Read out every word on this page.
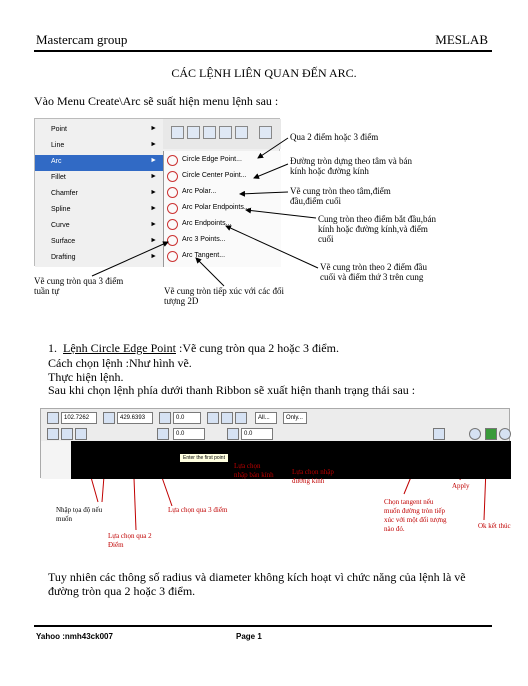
Mastercam group	MESLAB
CÁC LỆNH LIÊN QUAN ĐẾN ARC.
Vào Menu Create\Arc sẽ suất hiện menu lệnh sau :
Point	►
Line	►
Arc	►
Fillet	►
Chamfer	►
Spline	►
Curve	►
Surface	►
Drafting	►
Circle Edge Point...
Circle Center Point...
Arc Polar...
Arc Polar Endpoints...
Arc Endpoints...
Arc 3 Points...
Arc Tangent...
Qua 2 điểm hoặc 3 điểm
Đường tròn dựng theo tâm và bán kính hoặc đường kính
Vẽ cung tròn theo tâm,điểm đầu,điểm cuối
Cung tròn theo điểm bắt đầu,bán kính hoặc đường kính,và điểm cuối
Vẽ cung tròn theo 2 điểm đầu cuối và điểm thứ 3 trên cung
Vẽ cung tròn qua 3 điểm tuần tự	Vẽ cung tròn tiếp xúc với các đối tượng 2D
1. Lệnh Circle Edge Point :Vẽ cung tròn qua 2 hoặc 3 điểm.
Cách chọn lệnh :Như hình vẽ.
Thực hiện lệnh.
Sau khi chọn lệnh phía dưới thanh Ribbon sẽ xuất hiện thanh trạng thái sau :
102.7262	429.6393	0.0	All...	Only...
0.0	0.0
Enter the first point
Nhập tọa độ nếu muốn
Lựa chọn qua 2 Điểm
Lựa chọn qua 3 điểm
Lựa chọn nhập bán kính	Lựa chọn nhập đường kính
Chọn tangent nếu muốn đường tròn tiếp xúc với một đối tượng nào đó.
Apply
Ok kết thúc
Tuy nhiên các thông số radius và diameter không kích hoạt vì chức năng của lệnh là vẽ đường tròn qua 2 hoặc 3 điểm.
Yahoo :nmh43ck007	Page 1
